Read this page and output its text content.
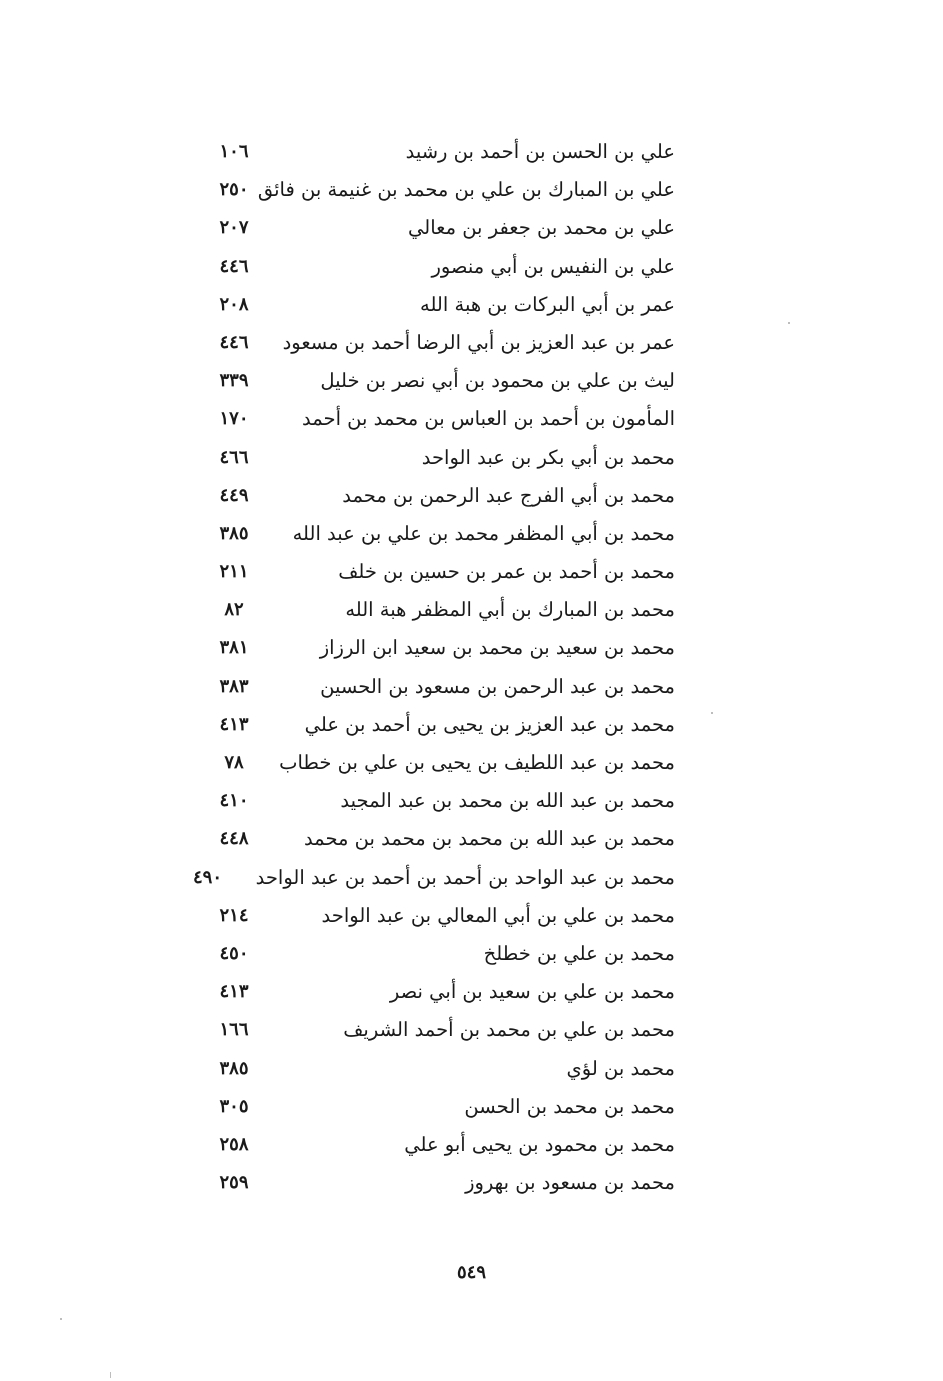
علي بن الحسن بن أحمد بن رشيد
١٠٦
علي بن المبارك بن علي بن محمد بن غنيمة بن فائق
٢٥٠
علي بن محمد بن جعفر بن معالي
٢٠٧
علي بن النفيس بن أبي منصور
٤٤٦
عمر بن أبي البركات بن هبة الله
٢٠٨
عمر بن عبد العزيز بن أبي الرضا أحمد بن مسعود
٤٤٦
ليث بن علي بن محمود بن أبي نصر بن خليل
٣٣٩
المأمون بن أحمد بن العباس بن محمد بن أحمد
١٧٠
محمد بن أبي بكر بن عبد الواحد
٤٦٦
محمد بن أبي الفرج عبد الرحمن بن محمد
٤٤٩
محمد بن أبي المظفر محمد بن علي بن عبد الله
٣٨٥
محمد بن أحمد بن عمر بن حسين بن خلف
٢١١
محمد بن المبارك بن أبي المظفر هبة الله
٨٢
محمد بن سعيد بن محمد بن سعيد ابن الرزاز
٣٨١
محمد بن عبد الرحمن بن مسعود بن الحسين
٣٨٣
محمد بن عبد العزيز بن يحيى بن أحمد بن علي
٤١٣
محمد بن عبد اللطيف بن يحيى بن علي بن خطاب
٧٨
محمد بن عبد الله بن محمد بن عبد المجيد
٤١٠
محمد بن عبد الله بن محمد بن محمد بن محمد
٤٤٨
محمد بن عبد الواحد بن أحمد بن أحمد بن عبد الواحد
٤٩٠
محمد بن علي بن أبي المعالي بن عبد الواحد
٢١٤
محمد بن علي بن خطلخ
٤٥٠
محمد بن علي بن سعيد بن أبي نصر
٤١٣
محمد بن علي بن محمد بن أحمد الشريف
١٦٦
محمد بن لؤي
٣٨٥
محمد بن محمد بن الحسن
٣٠٥
محمد بن محمود بن يحيى أبو علي
٢٥٨
محمد بن مسعود بن بهروز
٢٥٩
٥٤٩
